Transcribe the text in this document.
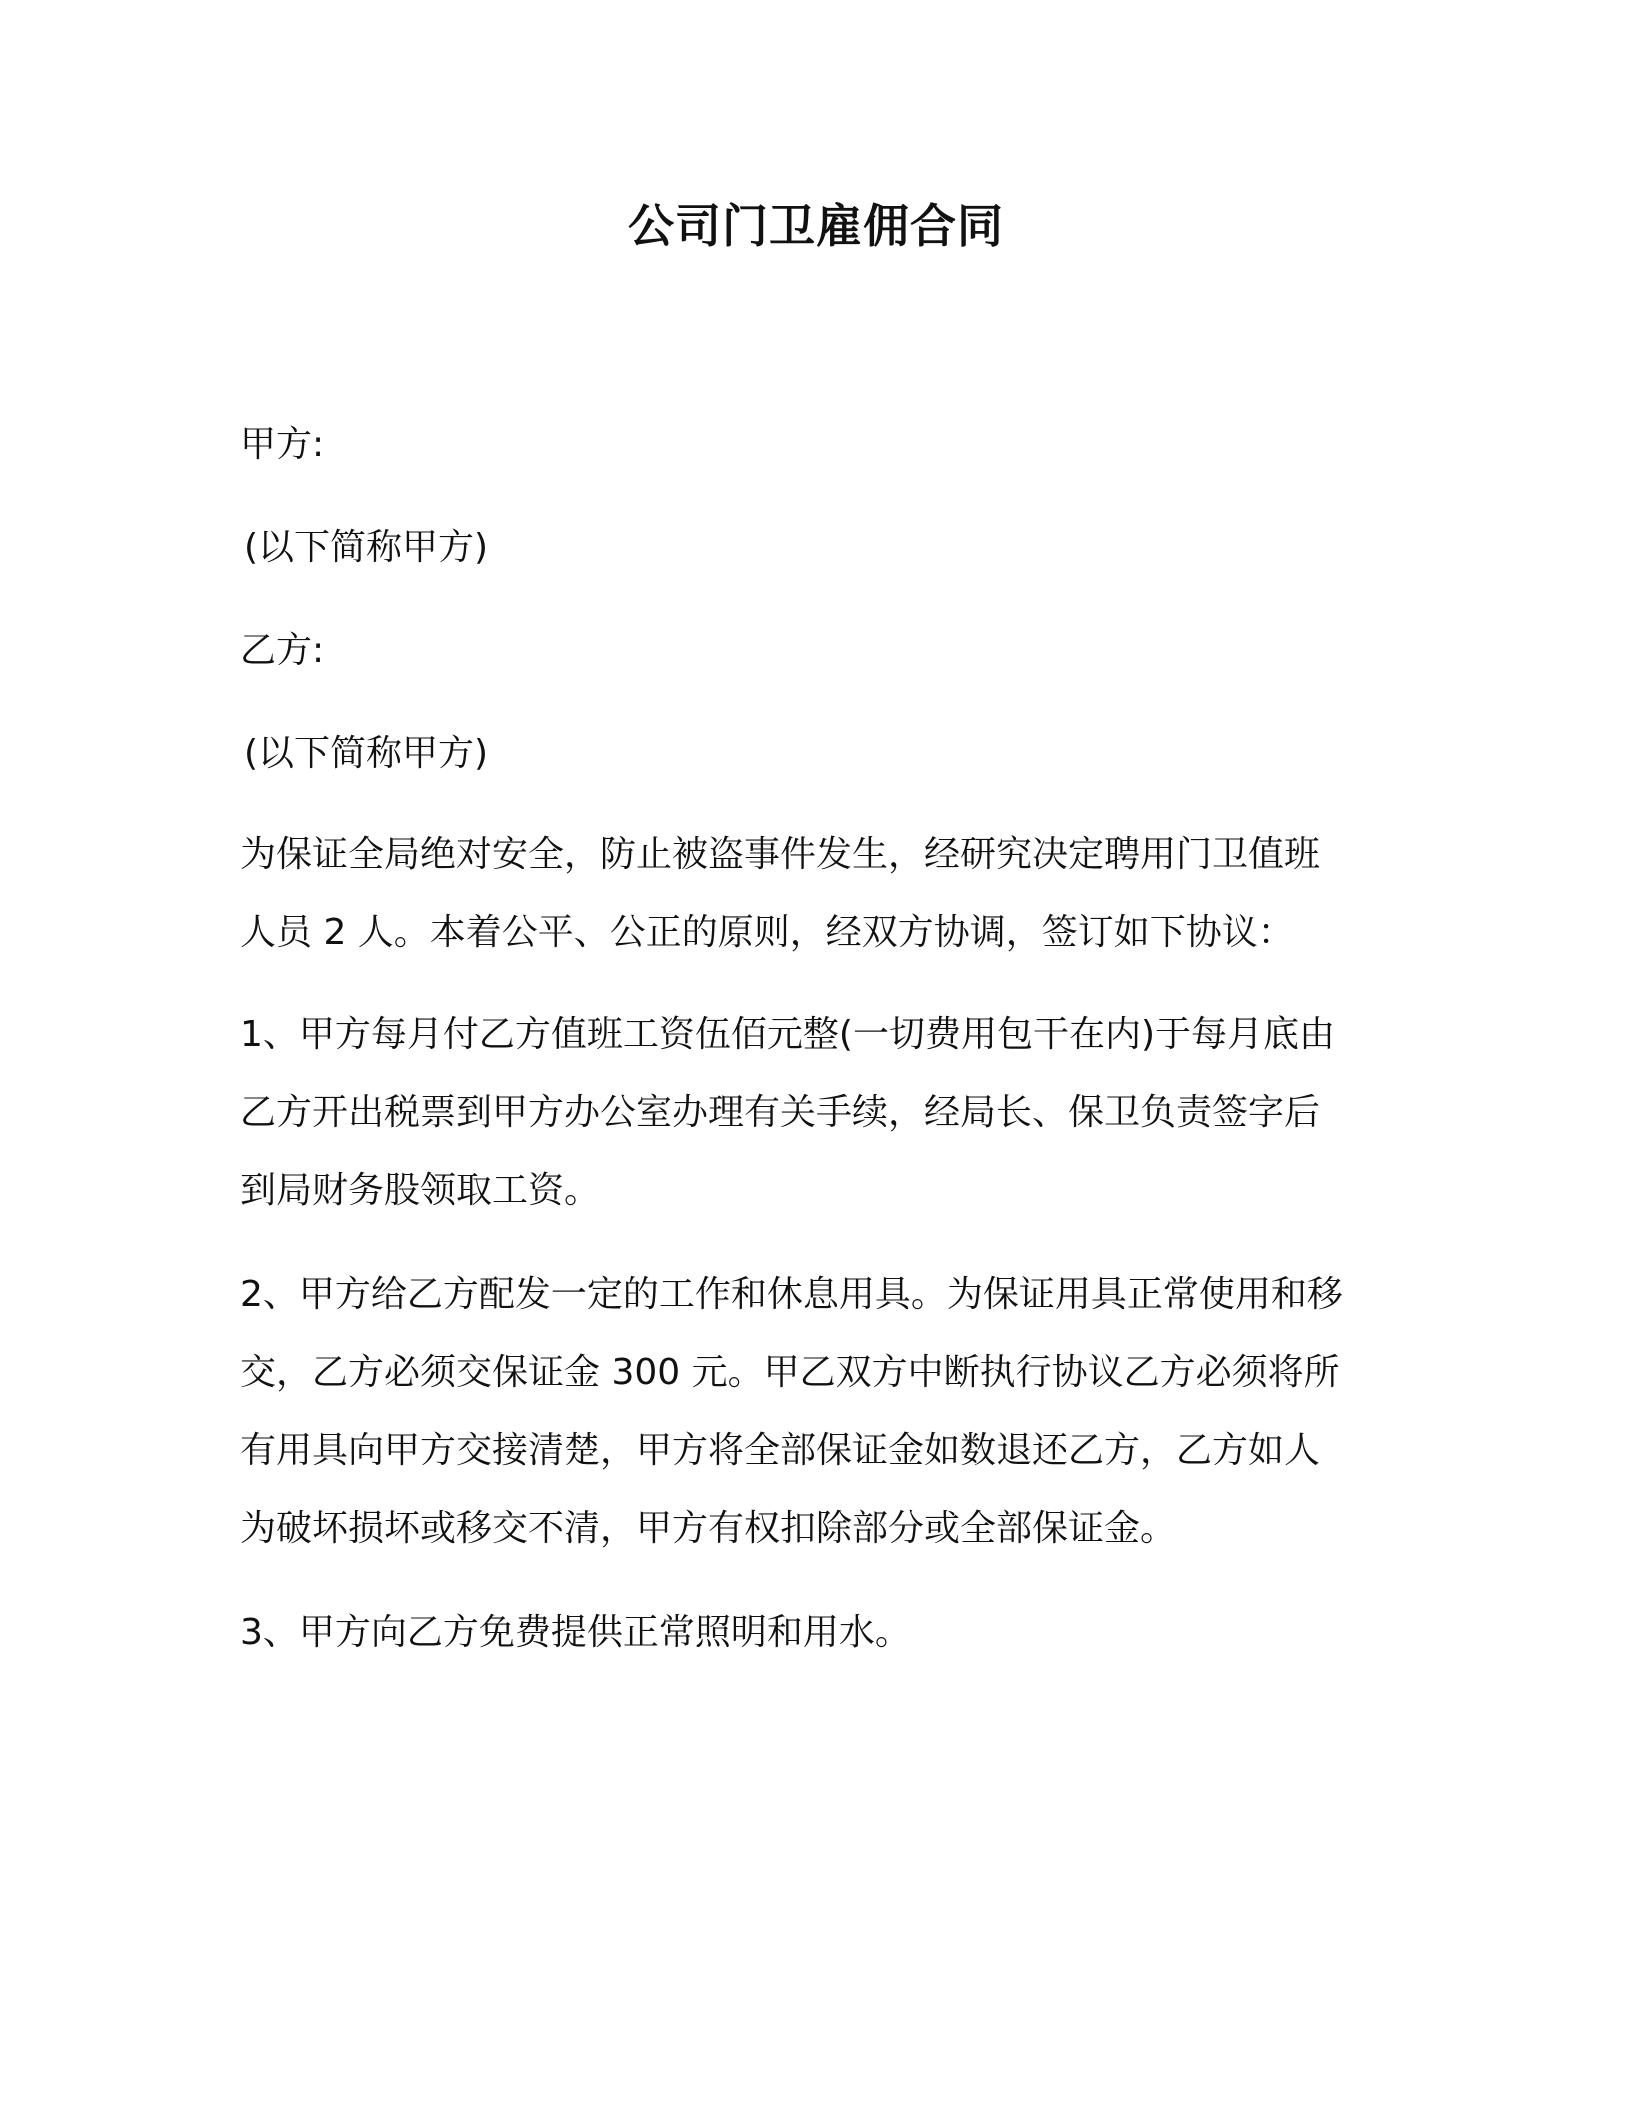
公司门卫雇佣合同
甲方:
(以下简称甲方)
乙方:
(以下简称甲方)
为保证全局绝对安全，防止被盗事件发生，经研究决定聘用门卫值班
人员 2 人。本着公平、公正的原则，经双方协调，签订如下协议：
1、甲方每月付乙方值班工资伍佰元整(一切费用包干在内)于每月底由
乙方开出税票到甲方办公室办理有关手续，经局长、保卫负责签字后
到局财务股领取工资。
2、甲方给乙方配发一定的工作和休息用具。为保证用具正常使用和移
交，乙方必须交保证金 300 元。甲乙双方中断执行协议乙方必须将所
有用具向甲方交接清楚，甲方将全部保证金如数退还乙方，乙方如人
为破坏损坏或移交不清，甲方有权扣除部分或全部保证金。
3、甲方向乙方免费提供正常照明和用水。
